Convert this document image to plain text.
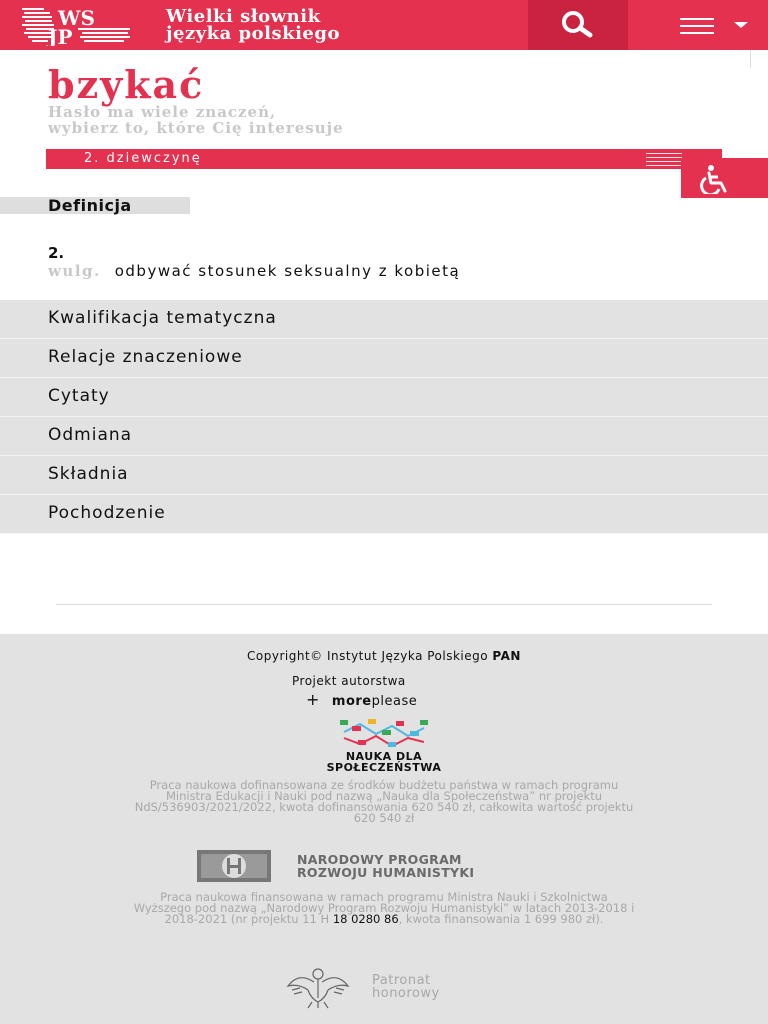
WS
JP
Wielki słownik
języka polskiego
bzykać
Hasło ma wiele znaczeń,
wybierz to, które Cię interesuje
2. dziewczynę
Definicja
2.
wulg. odbywać stosunek seksualny z kobietą
Kwalifikacja tematyczna
Relacje znaczeniowe
Cytaty
Odmiana
Składnia
Pochodzenie
Copyright© Instytut Języka Polskiego PAN
Projekt autorstwa
+ moreplease
NAUKA DLA
SPOŁECZEŃSTWA
Praca naukowa dofinansowana ze środków budżetu państwa w ramach programu Ministra Edukacji i Nauki pod nazwą „Nauka dla Społeczeństwa” nr projektu NdS/536903/2021/2022, kwota dofinansowania 620 540 zł, całkowita wartość projektu 620 540 zł
NARODOWY PROGRAM
ROZWOJU HUMANISTYKI
Praca naukowa finansowana w ramach programu Ministra Nauki i Szkolnictwa Wyższego pod nazwą „Narodowy Program Rozwoju Humanistyki” w latach 2013-2018 i 2018-2021 (nr projektu 11 H 18 0280 86, kwota finansowania 1 699 980 zł).
Patronat
honorowy
